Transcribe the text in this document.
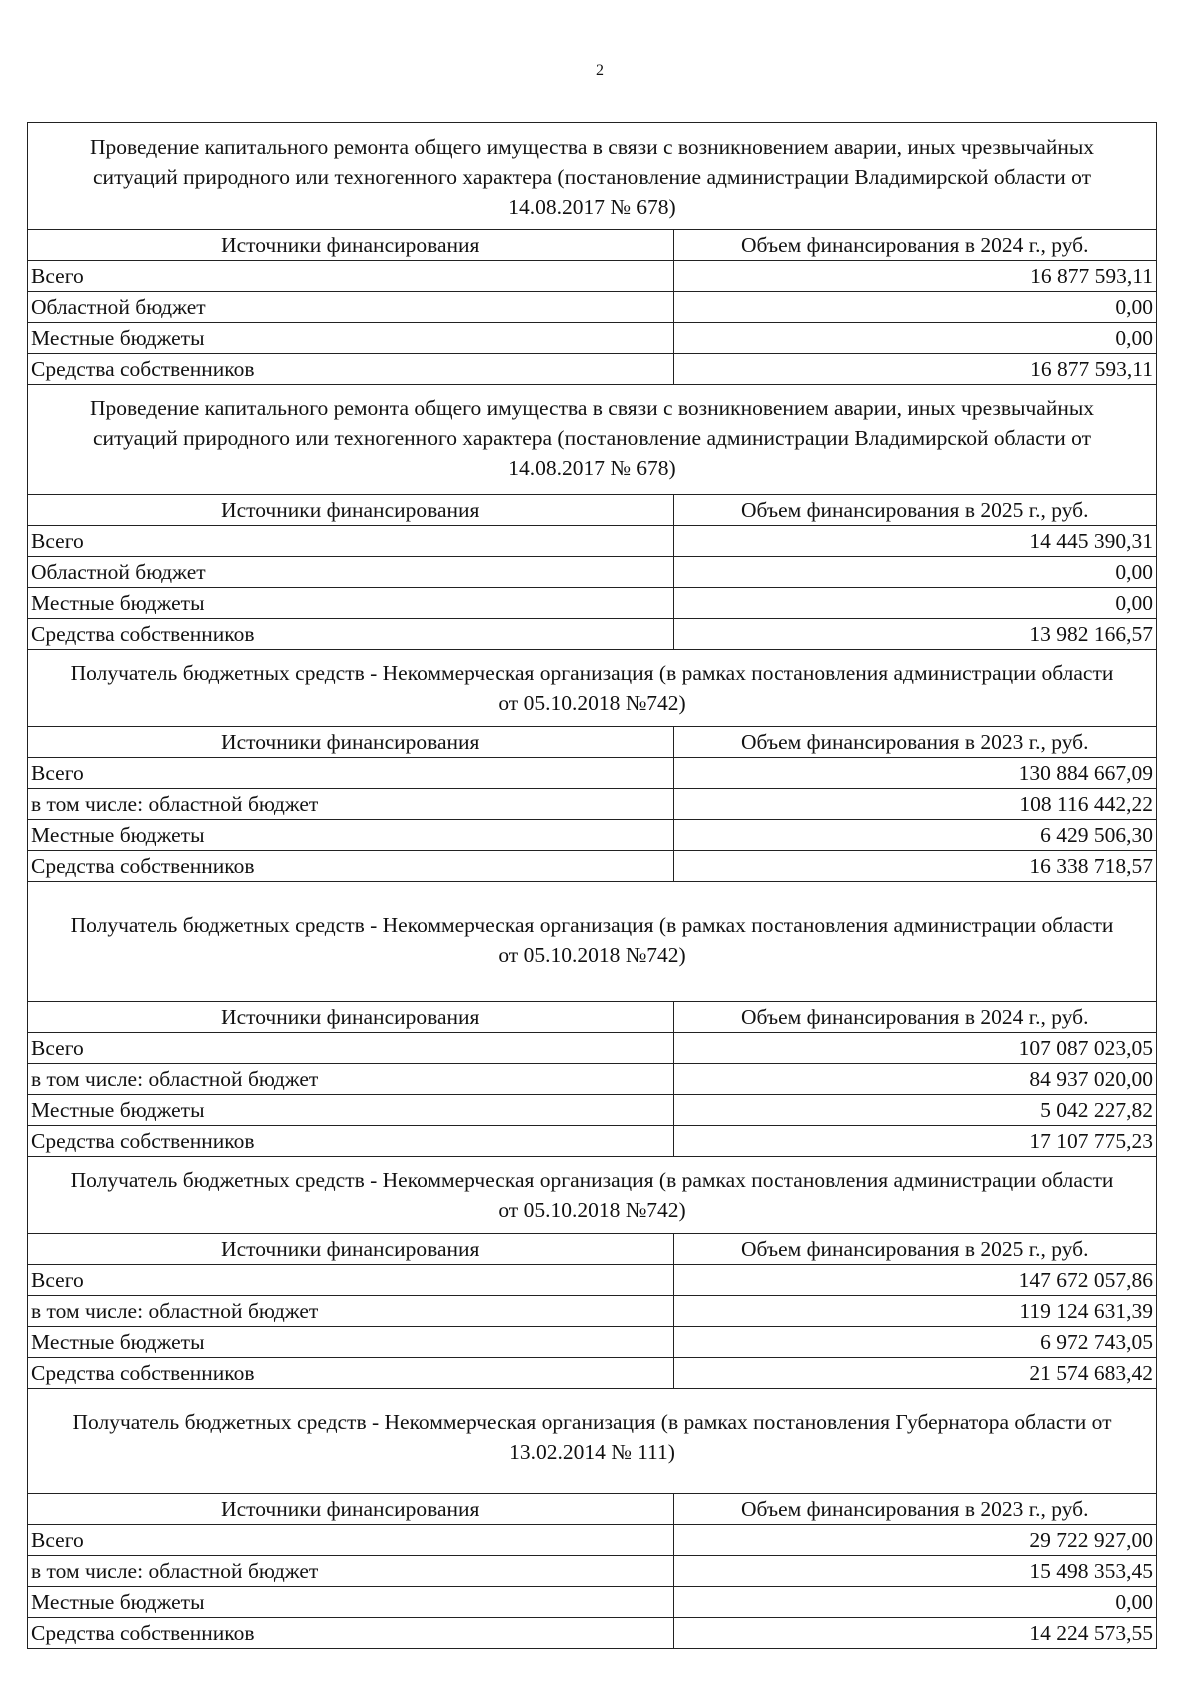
2
Проведение капитального ремонта общего имущества в связи с возникновением аварии, иных чрезвычайных ситуаций природного или техногенного характера (постановление администрации Владимирской области от 14.08.2017 № 678)
Источники финансирования	Объем финансирования в 2024 г., руб.
Всего	16 877 593,11
Областной бюджет	0,00
Местные бюджеты	0,00
Средства собственников	16 877 593,11
Проведение капитального ремонта общего имущества в связи с возникновением аварии, иных чрезвычайных ситуаций природного или техногенного характера (постановление администрации Владимирской области от 14.08.2017 № 678)
Источники финансирования	Объем финансирования в 2025 г., руб.
Всего	14 445 390,31
Областной бюджет	0,00
Местные бюджеты	0,00
Средства собственников	13 982 166,57
Получатель бюджетных средств - Некоммерческая организация (в рамках постановления администрации области от 05.10.2018 №742)
Источники финансирования	Объем финансирования в 2023 г., руб.
Всего	130 884 667,09
в том числе: областной бюджет	108 116 442,22
Местные бюджеты	6 429 506,30
Средства собственников	16 338 718,57
Получатель бюджетных средств - Некоммерческая организация (в рамках постановления администрации области от 05.10.2018 №742)
Источники финансирования	Объем финансирования в 2024 г., руб.
Всего	107 087 023,05
в том числе: областной бюджет	84 937 020,00
Местные бюджеты	5 042 227,82
Средства собственников	17 107 775,23
Получатель бюджетных средств - Некоммерческая организация (в рамках постановления администрации области от 05.10.2018 №742)
Источники финансирования	Объем финансирования в 2025 г., руб.
Всего	147 672 057,86
в том числе: областной бюджет	119 124 631,39
Местные бюджеты	6 972 743,05
Средства собственников	21 574 683,42
Получатель бюджетных средств - Некоммерческая организация (в рамках постановления Губернатора области от 13.02.2014 № 111)
Источники финансирования	Объем финансирования в 2023 г., руб.
Всего	29 722 927,00
в том числе: областной бюджет	15 498 353,45
Местные бюджеты	0,00
Средства собственников	14 224 573,55
